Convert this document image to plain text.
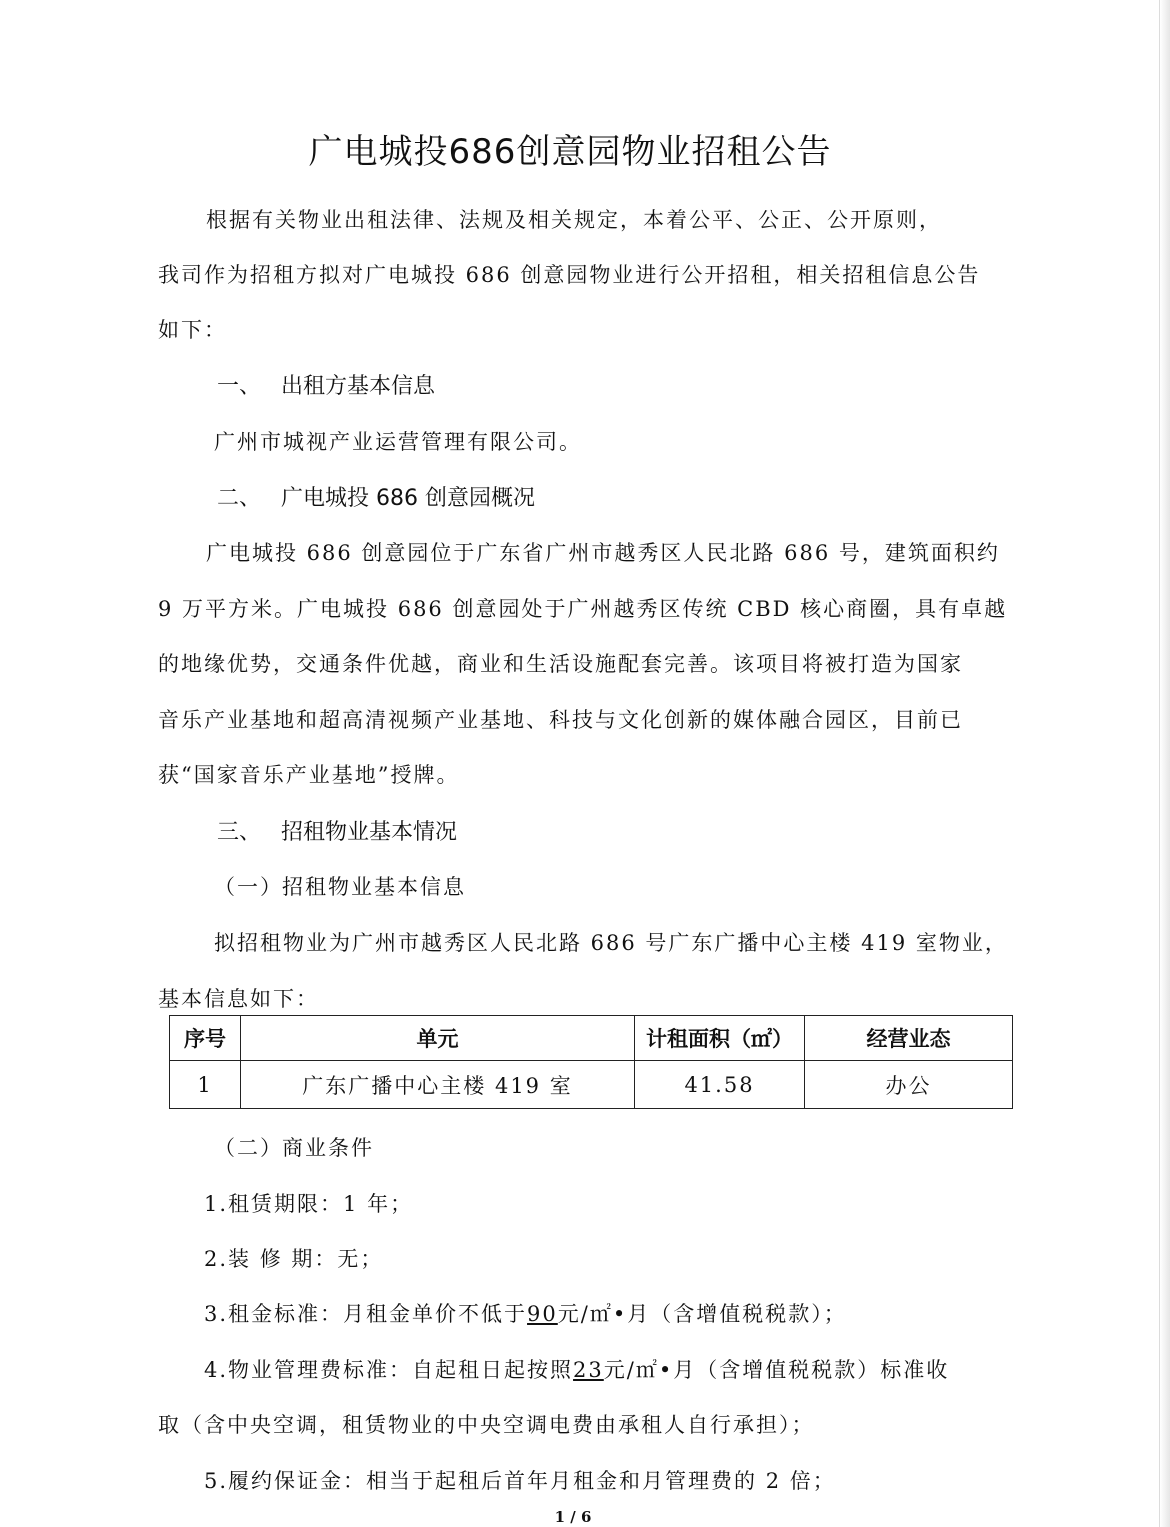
广电城投686创意园物业招租公告
根据有关物业出租法律、法规及相关规定，本着公平、公正、公开原则，
我司作为招租方拟对广电城投 686 创意园物业进行公开招租，相关招租信息公告
如下：
一、 出租方基本信息
广州市城视产业运营管理有限公司。
二、 广电城投 686 创意园概况
广电城投 686 创意园位于广东省广州市越秀区人民北路 686 号，建筑面积约
9 万平方米。广电城投 686 创意园处于广州越秀区传统 CBD 核心商圈，具有卓越
的地缘优势，交通条件优越，商业和生活设施配套完善。该项目将被打造为国家
音乐产业基地和超高清视频产业基地、科技与文化创新的媒体融合园区，目前已
获“国家音乐产业基地”授牌。
三、 招租物业基本情况
（一）招租物业基本信息
拟招租物业为广州市越秀区人民北路 686 号广东广播中心主楼 419 室物业，
基本信息如下：
序号	单元	计租面积（㎡）	经营业态
1	广东广播中心主楼 419 室	41.58	办公
（二）商业条件
1.租赁期限：1 年；
2.装 修 期：无；
3.租金标准：月租金单价不低于90元/㎡•月（含增值税税款）；
4.物业管理费标准：自起租日起按照23元/㎡•月（含增值税税款）标准收
取（含中央空调，租赁物业的中央空调电费由承租人自行承担）；
5.履约保证金：相当于起租后首年月租金和月管理费的 2 倍；
1 / 6
